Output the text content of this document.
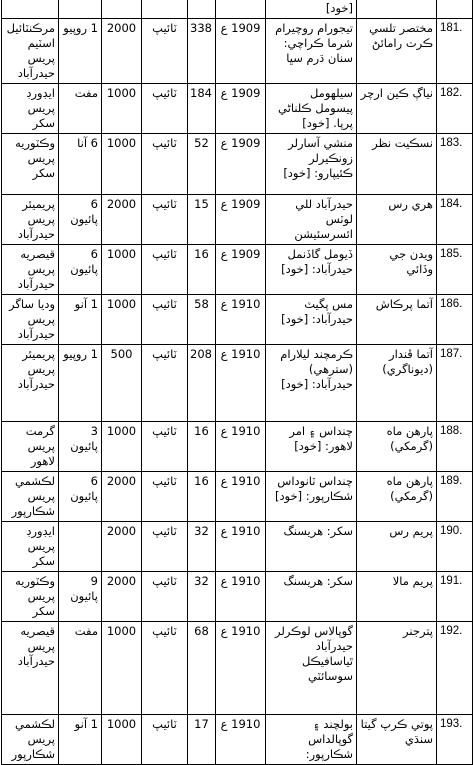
		[خود]						
181.	مختصر تلسي ڪرت رامائڻ	تيجورام روچيرام شرما ڪراچي: سنان ڌرم سڀا	1909 ع	338	ٽائيپ	2000	1 روپيو	مرڪنٽائيل اسٽيم پريس حيدرآباد
182.	نياڳ ڪين ارچر	سيلهومل پيسومل ڪلناڻي پرپا. [خود]	1909 ع	184	ٽائيپ	1000	مفت	ايڊورڊ پريس سکر
183.	نسڪيت نظر	منشي آسارلر زونڪيرلر ڪئيپارو: [خود]	1909 ع	52	ٽائيپ	1000	6 آنا	وڪٽوريه پريس سکر
184.	هري رس	حيدرآباد للي لوٽس ائسرسئيشن	1909 ع	15	ٽائيپ	2000	6 پائيون	پريميئر پريس حيدرآباد
185.	ويدن جي وڏائي	ڏيومل گاڏنمل حيدرآباد: [خود]	1909 ع	16	ٽائيپ	1000	6 پائيون	قيصريه پريس حيدرآباد
186.	آتما پرڪاش	مس پگيٽ حيدرآباد: [خود]	1910 ع	58	ٽائيپ	1000	1 آنو	وديا ساگر پريس حيدرآباد
187.	آتما ڦندار (ديوناگري)	ڪرمچند ليلارام (سترهي) حيدرآباد: [خود]	1910 ع	208	ٽائيپ	500	1 روپيو	پريميئر پريس حيدرآباد
188.	پارهن ماه (گرمکي)	چنداس ۽ امر لاهور: [خود]	1910 ع	16	ٽائيپ	1000	3 پائيون	گرمت پريس لاهور
189.	پارهن ماه (گرمکي)	چنداس ٽانوداس شڪارپور: [خود]	1910 ع	16	ٽائيپ	2000	6 پائيون	لڪشمي پريس شڪارپور
190.	پريم رس	سکر: هريسنگ	1910 ع	32	ٽائيپ	2000		ايڊورڊ پريس سکر
191.	پريم مالا	سکر: هريسنگ	1910 ع	32	ٽائيپ	2000	9 پائيون	وڪٽوريه پريس سکر
192.	پترجنر	گوپالاس لوڪرلر حيدرآباد ٿياسافيڪل سوسائٽي	1910 ع	68	ٽائيپ	1000	مفت	قيصريه پريس حيدرآباد
193.	پوتي ڪرپ گيتا سنڌي	بولچند ۽ گوپالداس شڪارپور:	1910 ع	17	ٽائيپ	1000	1 آنو	لڪشمي پريس شڪارپور
